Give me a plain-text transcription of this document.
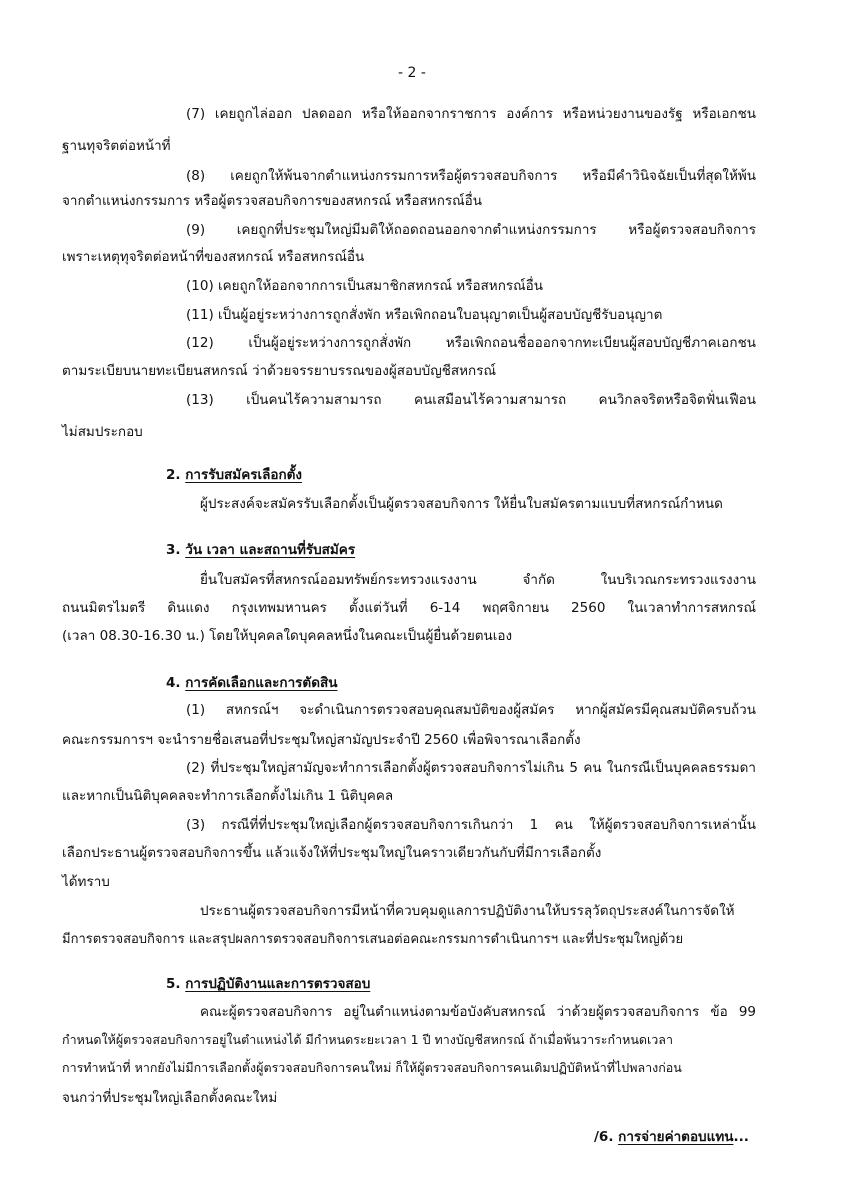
- 2 -
(7) เคยถูกไล่ออก ปลดออก หรือให้ออกจากราชการ องค์การ หรือหน่วยงานของรัฐ หรือเอกชน
ฐานทุจริตต่อหน้าที่
(8) เคยถูกให้พ้นจากตำแหน่งกรรมการหรือผู้ตรวจสอบกิจการ หรือมีคำวินิจฉัยเป็นที่สุดให้พ้น
จากตำแหน่งกรรมการ หรือผู้ตรวจสอบกิจการของสหกรณ์ หรือสหกรณ์อื่น
(9) เคยถูกที่ประชุมใหญ่มีมติให้ถอดถอนออกจากตำแหน่งกรรมการ หรือผู้ตรวจสอบกิจการ
เพราะเหตุทุจริตต่อหน้าที่ของสหกรณ์ หรือสหกรณ์อื่น
(10) เคยถูกให้ออกจากการเป็นสมาชิกสหกรณ์ หรือสหกรณ์อื่น
(11) เป็นผู้อยู่ระหว่างการถูกสั่งพัก หรือเพิกถอนใบอนุญาตเป็นผู้สอบบัญชีรับอนุญาต
(12) เป็นผู้อยู่ระหว่างการถูกสั่งพัก หรือเพิกถอนชื่อออกจากทะเบียนผู้สอบบัญชีภาคเอกชน
ตามระเบียบนายทะเบียนสหกรณ์ ว่าด้วยจรรยาบรรณของผู้สอบบัญชีสหกรณ์
(13) เป็นคนไร้ความสามารถ คนเสมือนไร้ความสามารถ คนวิกลจริตหรือจิตฟั่นเฟือน
ไม่สมประกอบ
2. การรับสมัครเลือกตั้ง
ผู้ประสงค์จะสมัครรับเลือกตั้งเป็นผู้ตรวจสอบกิจการ ให้ยื่นใบสมัครตามแบบที่สหกรณ์กำหนด
3. วัน เวลา และสถานที่รับสมัคร
ยื่นใบสมัครที่สหกรณ์ออมทรัพย์กระทรวงแรงงาน จำกัด ในบริเวณกระทรวงแรงงาน
ถนนมิตรไมตรี ดินแดง กรุงเทพมหานคร ตั้งแต่วันที่ 6-14 พฤศจิกายน 2560 ในเวลาทำการสหกรณ์
(เวลา 08.30-16.30 น.) โดยให้บุคคลใดบุคคลหนึ่งในคณะเป็นผู้ยื่นด้วยตนเอง
4. การคัดเลือกและการตัดสิน
(1) สหกรณ์ฯ จะดำเนินการตรวจสอบคุณสมบัติของผู้สมัคร หากผู้สมัครมีคุณสมบัติครบถ้วน
คณะกรรมการฯ จะนำรายชื่อเสนอที่ประชุมใหญ่สามัญประจำปี 2560 เพื่อพิจารณาเลือกตั้ง
(2) ที่ประชุมใหญ่สามัญจะทำการเลือกตั้งผู้ตรวจสอบกิจการไม่เกิน 5 คน ในกรณีเป็นบุคคลธรรมดา
และหากเป็นนิติบุคคลจะทำการเลือกตั้งไม่เกิน 1 นิติบุคคล
(3) กรณีที่ที่ประชุมใหญ่เลือกผู้ตรวจสอบกิจการเกินกว่า 1 คน ให้ผู้ตรวจสอบกิจการเหล่านั้น
เลือกประธานผู้ตรวจสอบกิจการขึ้น แล้วแจ้งให้ที่ประชุมใหญ่ในคราวเดียวกันกับที่มีการเลือกตั้ง
ได้ทราบ
ประธานผู้ตรวจสอบกิจการมีหน้าที่ควบคุมดูแลการปฏิบัติงานให้บรรลุวัตถุประสงค์ในการจัดให้
มีการตรวจสอบกิจการ และสรุปผลการตรวจสอบกิจการเสนอต่อคณะกรรมการดำเนินการฯ และที่ประชุมใหญ่ด้วย
5. การปฏิบัติงานและการตรวจสอบ
คณะผู้ตรวจสอบกิจการ อยู่ในตำแหน่งตามข้อบังคับสหกรณ์ ว่าด้วยผู้ตรวจสอบกิจการ ข้อ 99
กำหนดให้ผู้ตรวจสอบกิจการอยู่ในตำแหน่งได้ มีกำหนดระยะเวลา 1 ปี ทางบัญชีสหกรณ์ ถ้าเมื่อพ้นวาระกำหนดเวลา
การทำหน้าที่ หากยังไม่มีการเลือกตั้งผู้ตรวจสอบกิจการคนใหม่ ก็ให้ผู้ตรวจสอบกิจการคนเดิมปฏิบัติหน้าที่ไปพลางก่อน
จนกว่าที่ประชุมใหญ่เลือกตั้งคณะใหม่
/6. การจ่ายค่าตอบแทน...
